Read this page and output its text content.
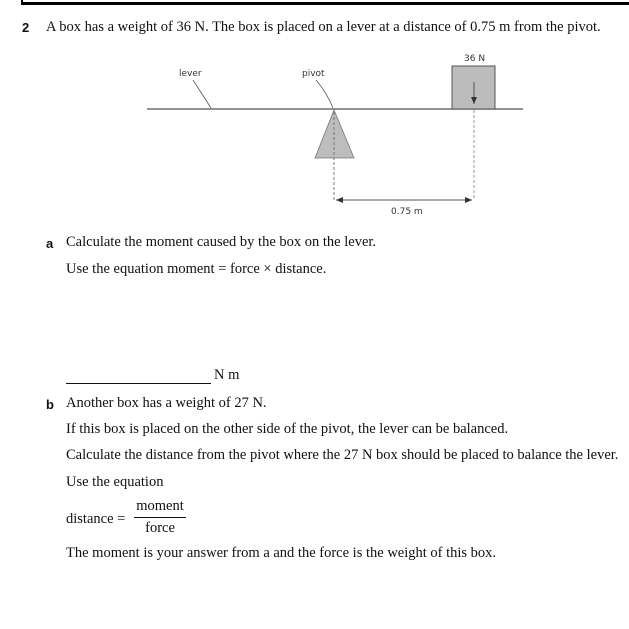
2 A box has a weight of 36 N. The box is placed on a lever at a distance of 0.75 m from the pivot.
lever	pivot
36 N
0.75 m
a Calculate the moment caused by the box on the lever.
Use the equation moment = force × distance.
N m
b Another box has a weight of 27 N.
If this box is placed on the other side of the pivot, the lever can be balanced.
Calculate the distance from the pivot where the 27 N box should be placed to balance the lever.
Use the equation
distance =
moment
force
The moment is your answer from a and the force is the weight of this box.
